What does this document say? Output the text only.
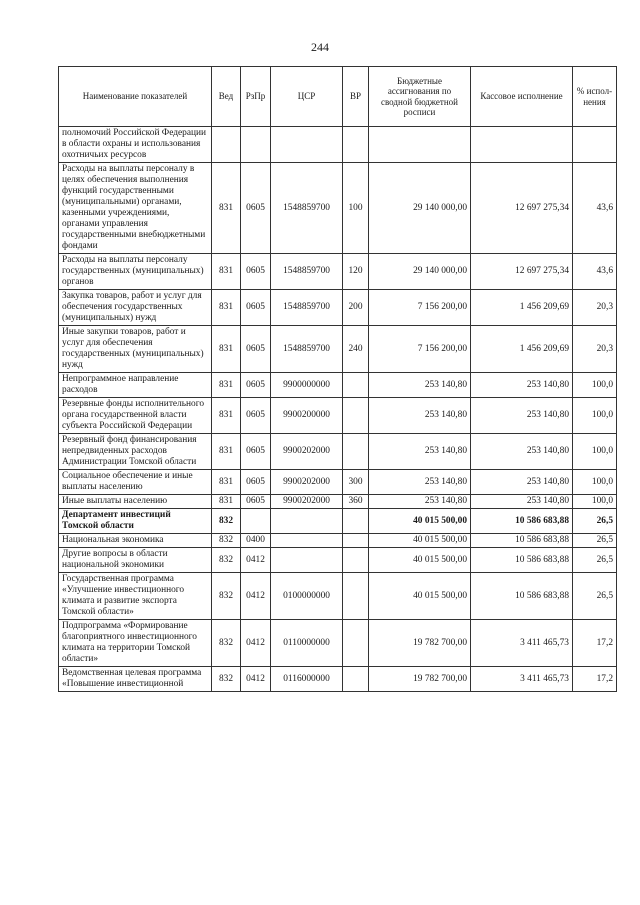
244
Наименование показателей	Вед	РзПр	ЦСР	ВР	Бюджетные ассигнования по сводной бюджетной росписи	Кассовое исполнение	% испол-нения
полномочий Российской Федерации в области охраны и использования охотничьих ресурсов							
Расходы на выплаты персоналу в целях обеспечения выполнения функций государственными (муниципальными) органами, казенными учреждениями, органами управления государственными внебюджетными фондами	831	0605	1548859700	100	29 140 000,00	12 697 275,34	43,6
Расходы на выплаты персоналу государственных (муниципальных) органов	831	0605	1548859700	120	29 140 000,00	12 697 275,34	43,6
Закупка товаров, работ и услуг для обеспечения государственных (муниципальных) нужд	831	0605	1548859700	200	7 156 200,00	1 456 209,69	20,3
Иные закупки товаров, работ и услуг для обеспечения государственных (муниципальных) нужд	831	0605	1548859700	240	7 156 200,00	1 456 209,69	20,3
Непрограммное направление расходов	831	0605	9900000000		253 140,80	253 140,80	100,0
Резервные фонды исполнительного органа государственной власти субъекта Российской Федерации	831	0605	9900200000		253 140,80	253 140,80	100,0
Резервный фонд финансирования непредвиденных расходов Администрации Томской области	831	0605	9900202000		253 140,80	253 140,80	100,0
Социальное обеспечение и иные выплаты населению	831	0605	9900202000	300	253 140,80	253 140,80	100,0
Иные выплаты населению	831	0605	9900202000	360	253 140,80	253 140,80	100,0
Департамент инвестиций Томской области	832				40 015 500,00	10 586 683,88	26,5
Национальная экономика	832	0400			40 015 500,00	10 586 683,88	26,5
Другие вопросы в области национальной экономики	832	0412			40 015 500,00	10 586 683,88	26,5
Государственная программа «Улучшение инвестиционного климата и развитие экспорта Томской области»	832	0412	0100000000		40 015 500,00	10 586 683,88	26,5
Подпрограмма «Формирование благоприятного инвестиционного климата на территории Томской области»	832	0412	0110000000		19 782 700,00	3 411 465,73	17,2
Ведомственная целевая программа «Повышение инвестиционной	832	0412	0116000000		19 782 700,00	3 411 465,73	17,2
